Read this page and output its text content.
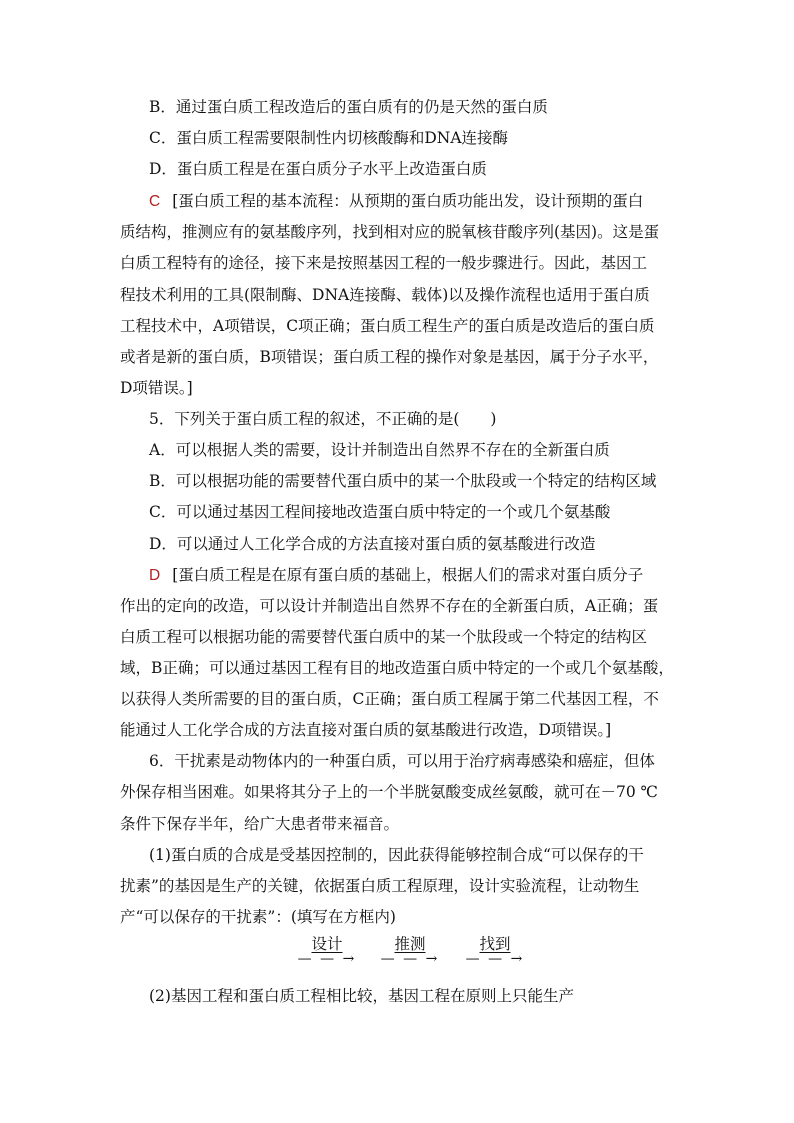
B．通过蛋白质工程改造后的蛋白质有的仍是天然的蛋白质
C．蛋白质工程需要限制性内切核酸酶和DNA连接酶
D．蛋白质工程是在蛋白质分子水平上改造蛋白质
C [蛋白质工程的基本流程：从预期的蛋白质功能出发，设计预期的蛋白
质结构，推测应有的氨基酸序列，找到相对应的脱氧核苷酸序列(基因)。这是蛋
白质工程特有的途径，接下来是按照基因工程的一般步骤进行。因此，基因工
程技术利用的工具(限制酶、DNA连接酶、载体)以及操作流程也适用于蛋白质
工程技术中，A项错误，C项正确；蛋白质工程生产的蛋白质是改造后的蛋白质
或者是新的蛋白质，B项错误；蛋白质工程的操作对象是基因，属于分子水平，
D项错误。]
5．下列关于蛋白质工程的叙述，不正确的是(　　)
A．可以根据人类的需要，设计并制造出自然界不存在的全新蛋白质
B．可以根据功能的需要替代蛋白质中的某一个肽段或一个特定的结构区域
C．可以通过基因工程间接地改造蛋白质中特定的一个或几个氨基酸
D．可以通过人工化学合成的方法直接对蛋白质的氨基酸进行改造
D [蛋白质工程是在原有蛋白质的基础上，根据人们的需求对蛋白质分子
作出的定向的改造，可以设计并制造出自然界不存在的全新蛋白质，A正确；蛋
白质工程可以根据功能的需要替代蛋白质中的某一个肽段或一个特定的结构区
域，B正确；可以通过基因工程有目的地改造蛋白质中特定的一个或几个氨基酸，
以获得人类所需要的目的蛋白质，C正确；蛋白质工程属于第二代基因工程，不
能通过人工化学合成的方法直接对蛋白质的氨基酸进行改造，D项错误。]
6．干扰素是动物体内的一种蛋白质，可以用于治疗病毒感染和癌症，但体
外保存相当困难。如果将其分子上的一个半胱氨酸变成丝氨酸，就可在－70 ℃
条件下保存半年，给广大患者带来福音。
(1)蛋白质的合成是受基因控制的，因此获得能够控制合成“可以保存的干
扰素”的基因是生产的关键，依据蛋白质工程原理，设计实验流程，让动物生
产“可以保存的干扰素”：(填写在方框内)
设计
— — →
推测
— — →
找到
— — →
(2)基因工程和蛋白质工程相比较，基因工程在原则上只能生产
